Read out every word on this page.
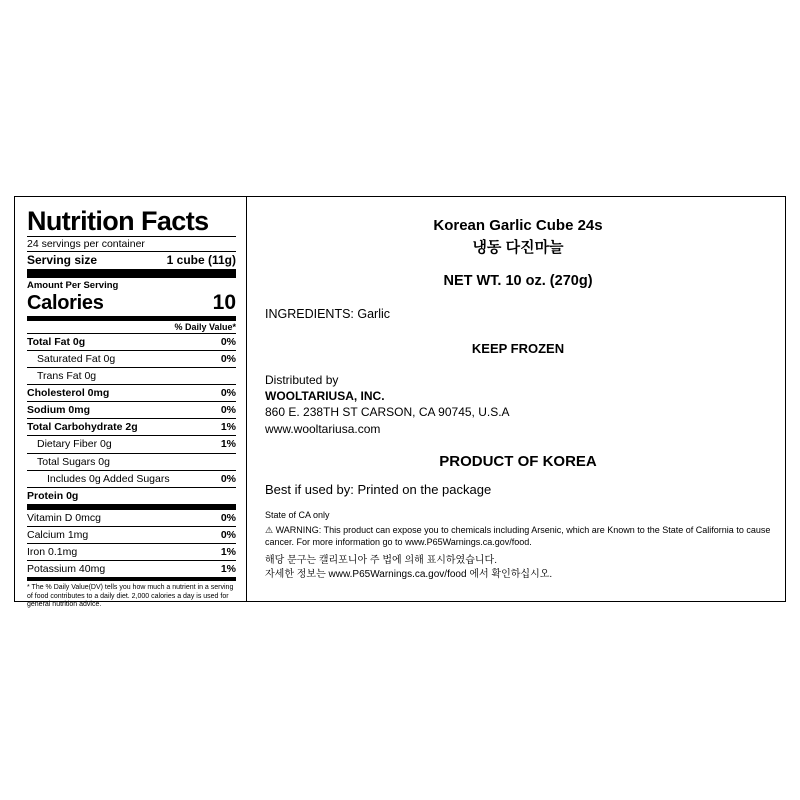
Nutrition Facts
24 servings per container
Serving size	1 cube (11g)
Amount Per Serving
Calories	10
% Daily Value*
Total Fat 0g	0%
Saturated Fat 0g	0%
Trans Fat 0g
Cholesterol 0mg	0%
Sodium 0mg	0%
Total Carbohydrate 2g	1%
Dietary Fiber 0g	1%
Total Sugars 0g
Includes 0g Added Sugars	0%
Protein 0g
Vitamin D 0mcg	0%
Calcium 1mg	0%
Iron 0.1mg	1%
Potassium 40mg	1%
* The % Daily Value(DV) tells you how much a nutrient in a serving of food contributes to a daily diet. 2,000 calories a day is used for general nutrition advice.
Korean Garlic Cube 24s
냉동 다진마늘
NET WT. 10 oz. (270g)
INGREDIENTS: Garlic
KEEP FROZEN
Distributed by
WOOLTARIUSA, INC.
860 E. 238TH ST CARSON, CA 90745, U.S.A
www.wooltariusa.com
PRODUCT OF KOREA
Best if used by: Printed on the package
State of CA only
⚠ WARNING: This product can expose you to chemicals including Arsenic, which are Known to the State of California to cause cancer. For more information go to www.P65Warnings.ca.gov/food.
해당 문구는 캘리포니아 주 법에 의해 표시하였습니다.
자세한 정보는 www.P65Warnings.ca.gov/food 에서 확인하십시오.
